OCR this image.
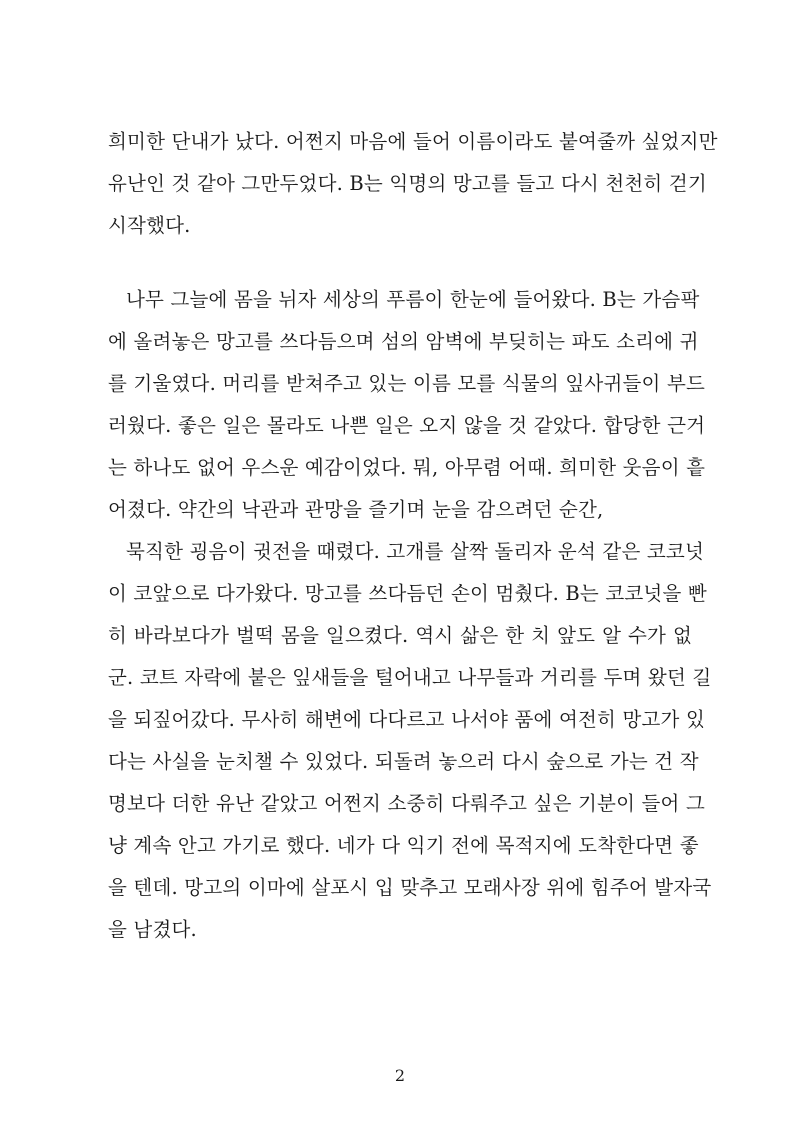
희미한 단내가 났다. 어쩐지 마음에 들어 이름이라도 붙여줄까 싶었지만
유난인 것 같아 그만두었다. B는 익명의 망고를 들고 다시 천천히 걷기
시작했다.
나무 그늘에 몸을 뉘자 세상의 푸름이 한눈에 들어왔다. B는 가슴팍
에 올려놓은 망고를 쓰다듬으며 섬의 암벽에 부딪히는 파도 소리에 귀
를 기울였다. 머리를 받쳐주고 있는 이름 모를 식물의 잎사귀들이 부드
러웠다. 좋은 일은 몰라도 나쁜 일은 오지 않을 것 같았다. 합당한 근거
는 하나도 없어 우스운 예감이었다. 뭐, 아무렴 어때. 희미한 웃음이 흩
어졌다. 약간의 낙관과 관망을 즐기며 눈을 감으려던 순간,
묵직한 굉음이 귓전을 때렸다. 고개를 살짝 돌리자 운석 같은 코코넛
이 코앞으로 다가왔다. 망고를 쓰다듬던 손이 멈췄다. B는 코코넛을 빤
히 바라보다가 벌떡 몸을 일으켰다. 역시 삶은 한 치 앞도 알 수가 없
군. 코트 자락에 붙은 잎새들을 털어내고 나무들과 거리를 두며 왔던 길
을 되짚어갔다. 무사히 해변에 다다르고 나서야 품에 여전히 망고가 있
다는 사실을 눈치챌 수 있었다. 되돌려 놓으러 다시 숲으로 가는 건 작
명보다 더한 유난 같았고 어쩐지 소중히 다뤄주고 싶은 기분이 들어 그
냥 계속 안고 가기로 했다. 네가 다 익기 전에 목적지에 도착한다면 좋
을 텐데. 망고의 이마에 살포시 입 맞추고 모래사장 위에 힘주어 발자국
을 남겼다.
2
